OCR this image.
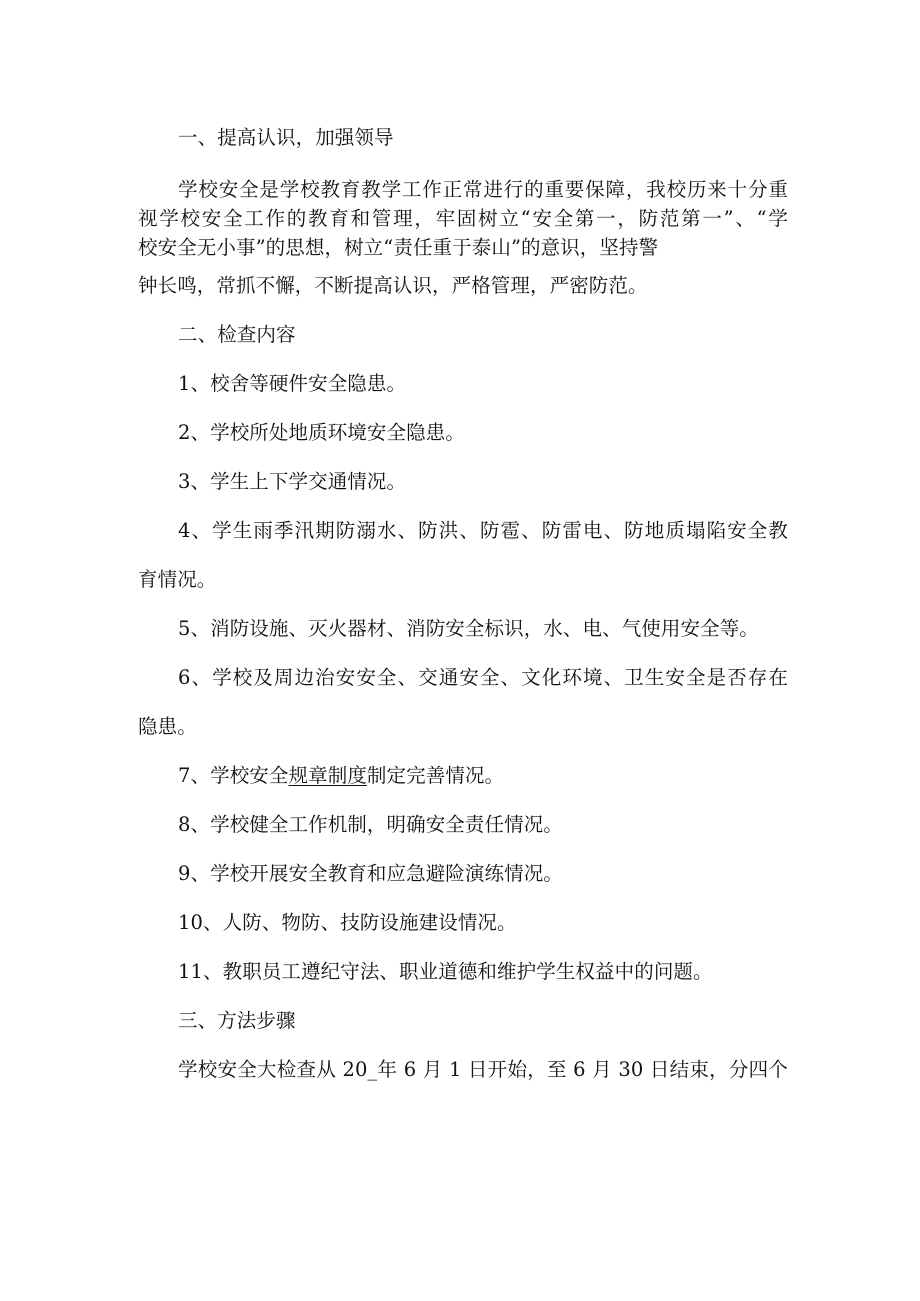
一、提高认识，加强领导
学校安全是学校教育教学工作正常进行的重要保障，我校历来十分重
视学校安全工作的教育和管理，牢固树立“安全第一，防范第一”、“学
校安全无小事”的思想，树立“责任重于泰山”的意识，坚持警
钟长鸣，常抓不懈，不断提高认识，严格管理，严密防范。
二、检查内容
1、校舍等硬件安全隐患。
2、学校所处地质环境安全隐患。
3、学生上下学交通情况。
4、学生雨季汛期防溺水、防洪、防雹、防雷电、防地质塌陷安全教
育情况。
5、消防设施、灭火器材、消防安全标识，水、电、气使用安全等。
6、学校及周边治安安全、交通安全、文化环境、卫生安全是否存在
隐患。
7、学校安全规章制度制定完善情况。
8、学校健全工作机制，明确安全责任情况。
9、学校开展安全教育和应急避险演练情况。
10、人防、物防、技防设施建设情况。
11、教职员工遵纪守法、职业道德和维护学生权益中的问题。
三、方法步骤
学校安全大检查从 20_年 6 月 1 日开始，至 6 月 30 日结束，分四个
